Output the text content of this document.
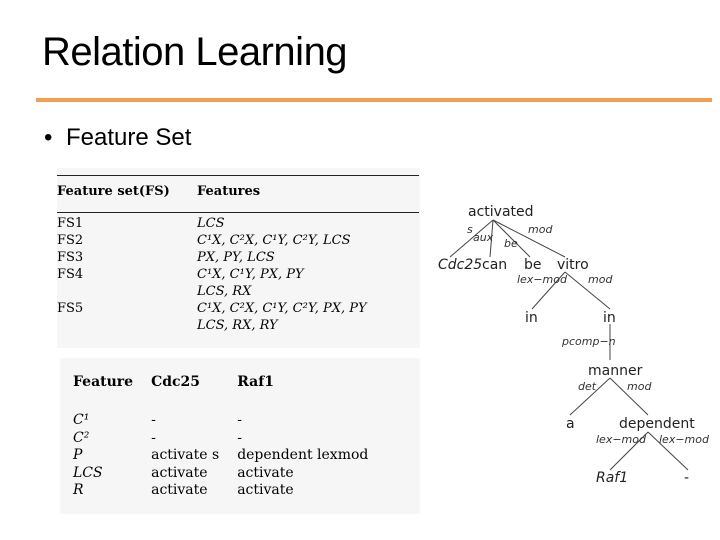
Relation Learning
• Feature Set
Feature set(FS)	Features

FS1	LCS
FS2	C¹X, C²X, C¹Y, C²Y, LCS
FS3	PX, PY, LCS
FS4	C¹X, C¹Y, PX, PY
	LCS, RX
FS5	C¹X, C²X, C¹Y, C²Y, PX, PY
	LCS, RX, RY
Feature	Cdc25	Raf1
C¹	-	-
C²	-	-
P	activate s	dependent lexmod
LCS	activate	activate
R	activate	activate
s
aux be
mod
lex−mod mod
pcomp−n
det	mod
lex−mod lex−mod
activated
Cdc25 can be vitro
in	in
manner
a	dependent
Raf1	-
